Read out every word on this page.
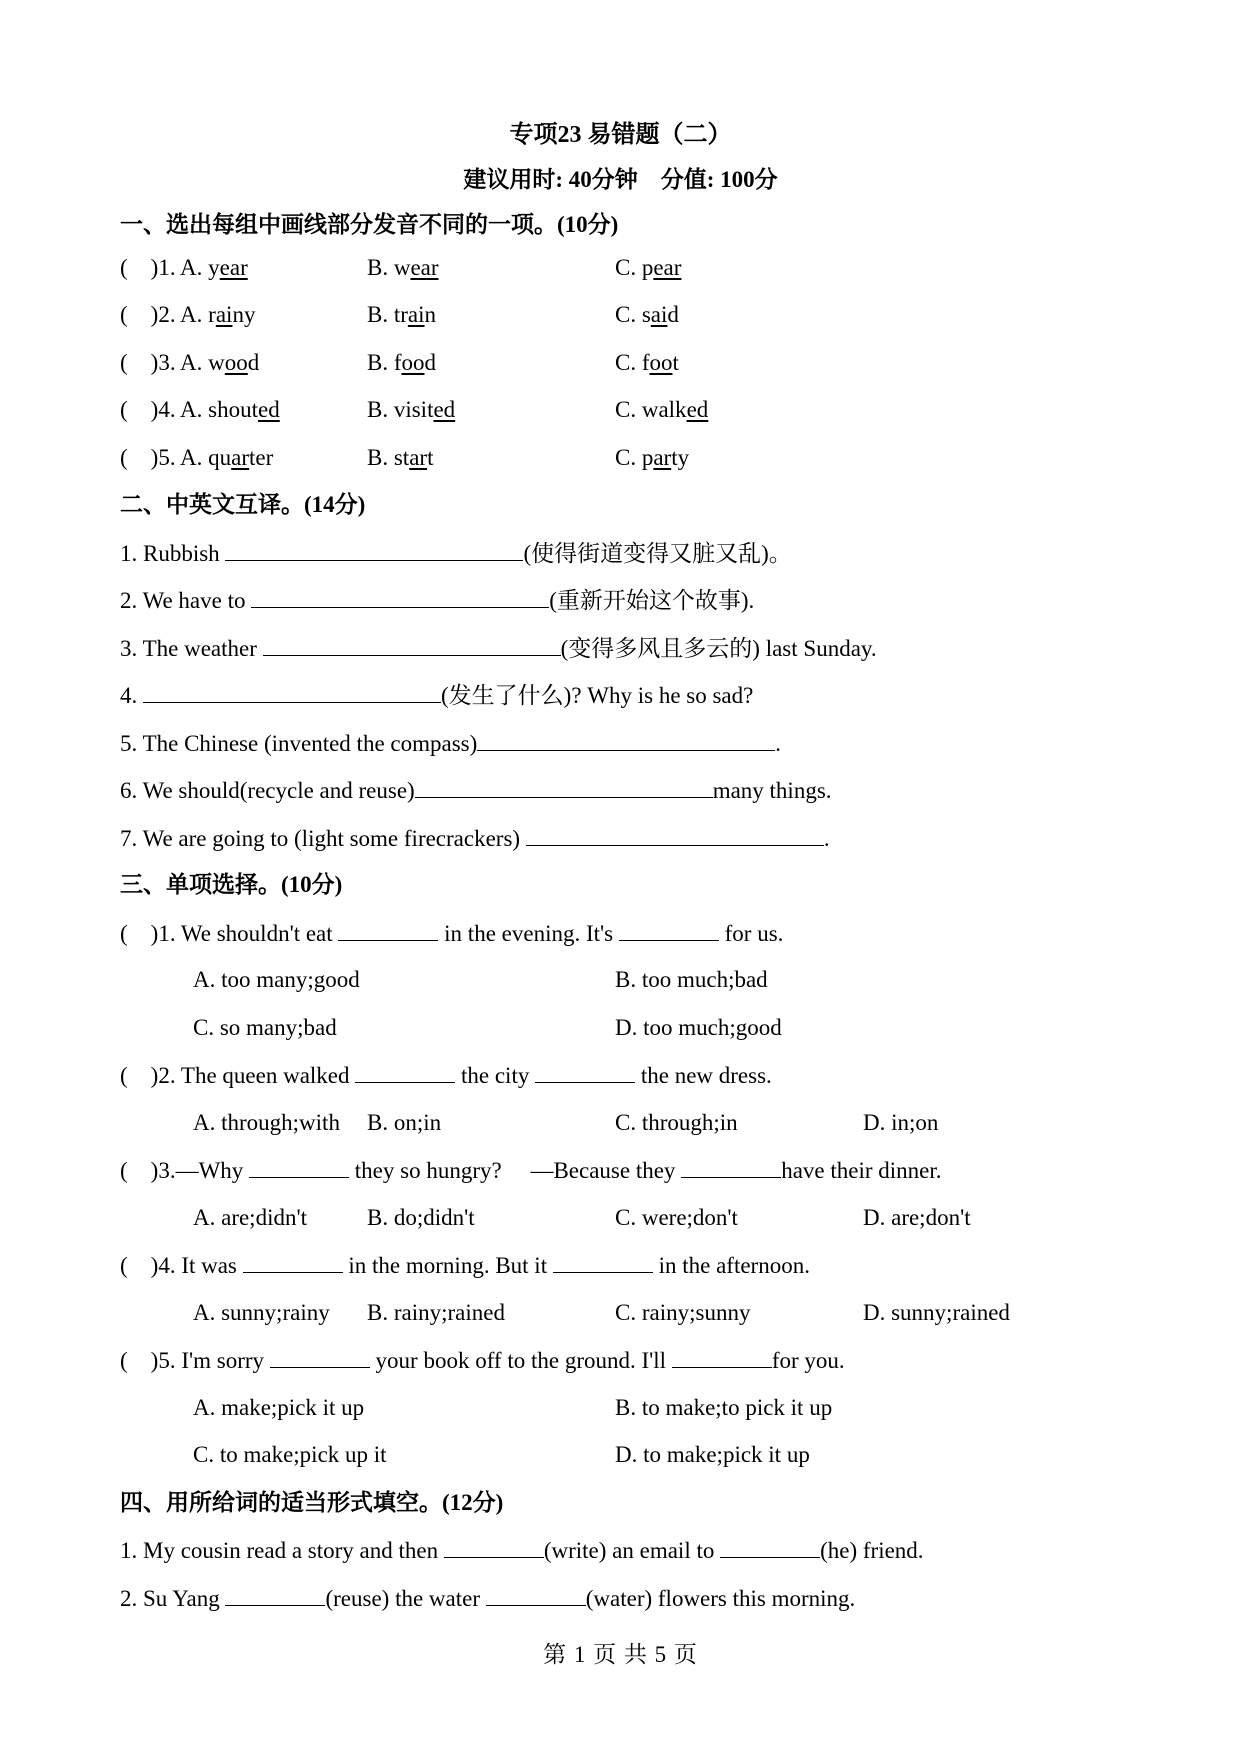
专项23 易错题（二）
建议用时: 40分钟    分值: 100分
一、选出每组中画线部分发音不同的一项。(10分)
(    )1. A. year	B. wear	C. pear
(    )2. A. rainy	B. train	C. said
(    )3. A. wood	B. food	C. foot
(    )4. A. shouted	B. visited	C. walked
(    )5. A. quarter	B. start	C. party
二、中英文互译。(14分)
1. Rubbish	(使得街道变得又脏又乱)。
2. We have to	(重新开始这个故事).
3. The weather	(变得多风且多云的) last Sunday.
4.	(发生了什么)? Why is he so sad?
5. The Chinese (invented the compass)	.
6. We should(recycle and reuse)	many things.
7. We are going to (light some firecrackers)	.
三、单项选择。(10分)
(    )1. We shouldn't eat	in the evening. It's	for us.
A. too many;good	B. too much;bad
C. so many;bad	D. too much;good
(    )2. The queen walked	the city	the new dress.
A. through;with B. on;in	C. through;in	D. in;on
(    )3.—Why	they so hungry?     —Because they	have their dinner.
A. are;didn't	B. do;didn't	C. were;don't	D. are;don't
(    )4. It was	in the morning. But it	in the afternoon.
A. sunny;rainy B. rainy;rained	C. rainy;sunny	D. sunny;rained
(    )5. I'm sorry	your book off to the ground. I'll	for you.
A. make;pick it up	B. to make;to pick it up
C. to make;pick up it	D. to make;pick it up
四、用所给词的适当形式填空。(12分)
1. My cousin read a story and then	(write) an email to	(he) friend.
2. Su Yang	(reuse) the water	(water) flowers this morning.
第 1 页 共 5 页
